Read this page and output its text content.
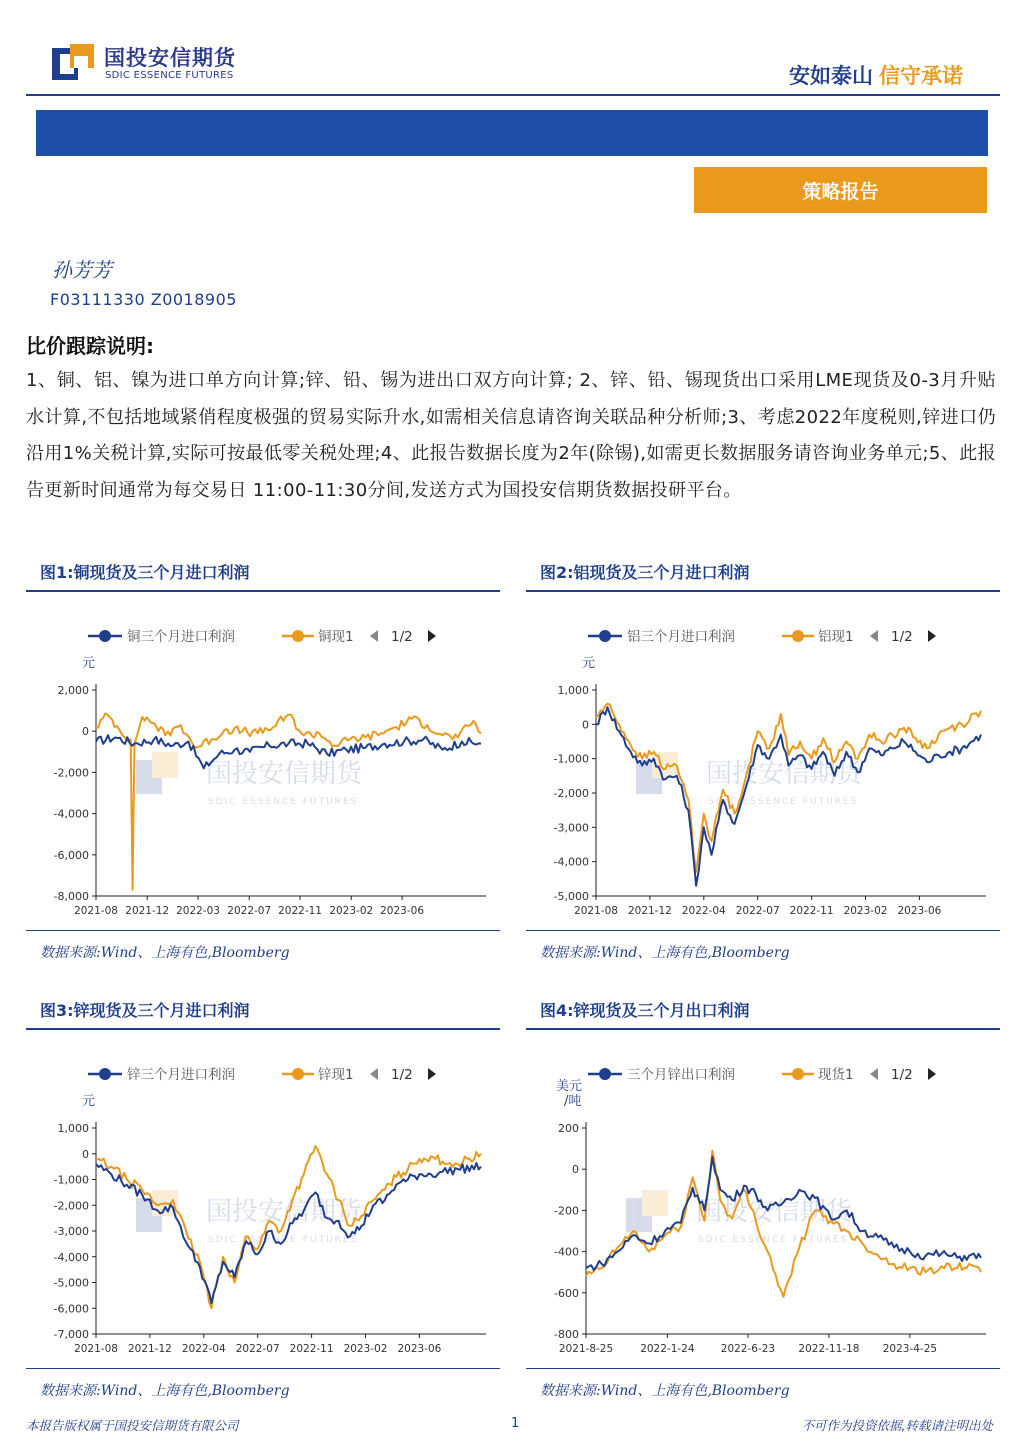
国投安信期货
SDIC ESSENCE FUTURES	安如泰山 信守承诺
策略报告
孙芳芳
F03111330 Z0018905
比价跟踪说明:
1、铜、铝、镍为进口单方向计算;锌、铅、锡为进出口双方向计算; 2、锌、铅、锡现货出口采用LME现货及0-3月升贴水计算,不包括地域紧俏程度极强的贸易实际升水,如需相关信息请咨询关联品种分析师;3、考虑2022年度税则,锌进口仍沿用1%关税计算,实际可按最低零关税处理;4、此报告数据长度为2年(除锡),如需更长数据服务请咨询业务单元;5、此报告更新时间通常为每交易日 11:00-11:30分间,发送方式为国投安信期货数据投研平台。
图1:铜现货及三个月进口利润
铜三个月进口利润	铜现1	1/2
元
国投安信期货
SDIC ESSENCE FUTURES
2,000
0
-2,000
-4,000
-6,000
-8,000
2021-08 2021-12 2022-03 2022-07 2022-11 2023-02 2023-06
数据来源:Wind、上海有色,Bloomberg
图2:铝现货及三个月进口利润
铝三个月进口利润	铝现1	1/2
元
国投安信期货
SDIC ESSENCE FUTURES
1,000
0
-1,000
-2,000
-3,000
-4,000
-5,000
2021-08 2021-12 2022-04 2022-07 2022-11 2023-02 2023-06
数据来源:Wind、上海有色,Bloomberg
图3:锌现货及三个月进口利润
锌三个月进口利润	锌现1	1/2
元
国投安信期货
SDIC ESSENCE FUTURES
1,000
0
-1,000
-2,000
-3,000
-4,000
-5,000
-6,000
-7,000
2021-08 2021-12 2022-04 2022-07 2022-11 2023-02 2023-06
数据来源:Wind、上海有色,Bloomberg
图4:锌现货及三个月出口利润
三个月锌出口利润	现货1	1/2
美元
/吨
国投安信期货
SDIC ESSENCE FUTURES
200
0
-200
-400
-600
-800
2021-8-25	2022-1-24 2022-6-23 2022-11-18 2023-4-25
数据来源:Wind、上海有色,Bloomberg
本报告版权属于国投安信期货有限公司	1	不可作为投资依据,转载请注明出处
